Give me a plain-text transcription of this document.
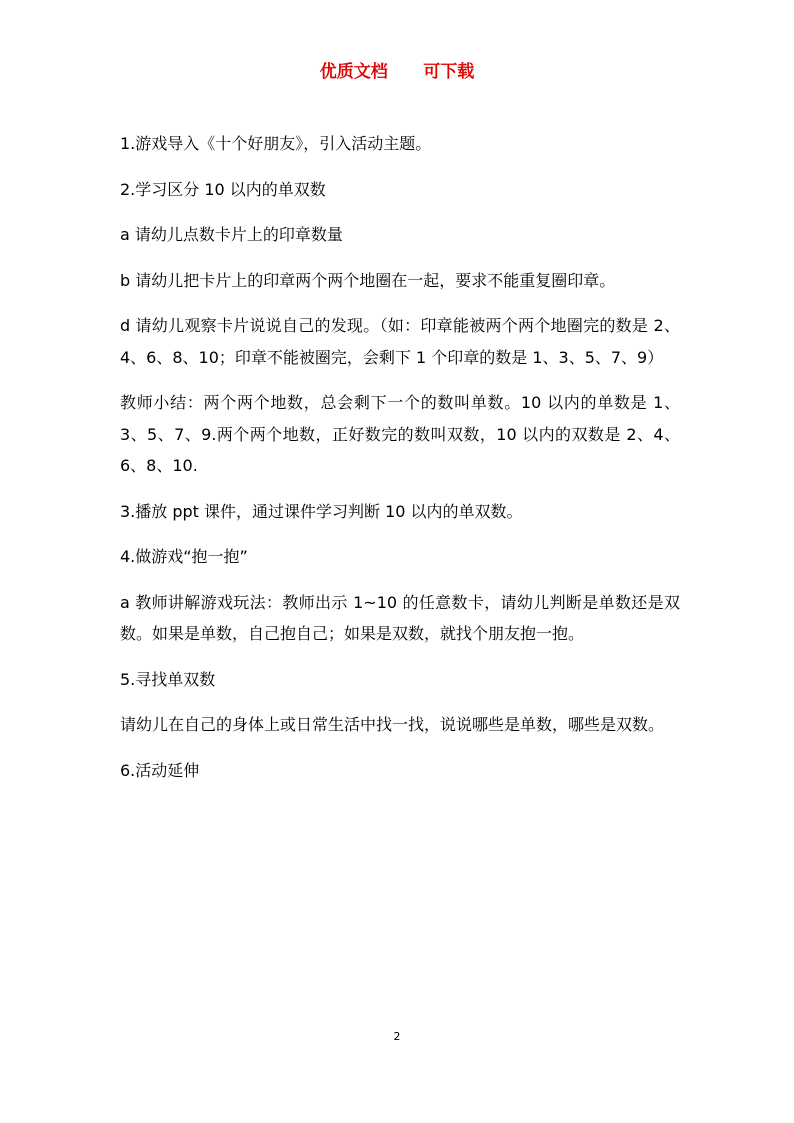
优质文档      可下载

1.游戏导入《十个好朋友》，引入活动主题。

2.学习区分 10 以内的单双数

a 请幼儿点数卡片上的印章数量

b 请幼儿把卡片上的印章两个两个地圈在一起，要求不能重复圈印章。

d 请幼儿观察卡片说说自己的发现。（如：印章能被两个两个地圈完的数是 2、4、6、8、10；印章不能被圈完，会剩下 1 个印章的数是 1、3、5、7、9）

教师小结：两个两个地数，总会剩下一个的数叫单数。10 以内的单数是 1、3、5、7、9.两个两个地数，正好数完的数叫双数，10 以内的双数是 2、4、6、8、10.

3.播放 ppt 课件，通过课件学习判断 10 以内的单双数。

4.做游戏“抱一抱”

a 教师讲解游戏玩法：教师出示 1~10 的任意数卡，请幼儿判断是单数还是双数。如果是单数，自己抱自己；如果是双数，就找个朋友抱一抱。

5.寻找单双数

请幼儿在自己的身体上或日常生活中找一找，说说哪些是单数，哪些是双数。

6.活动延伸

2
